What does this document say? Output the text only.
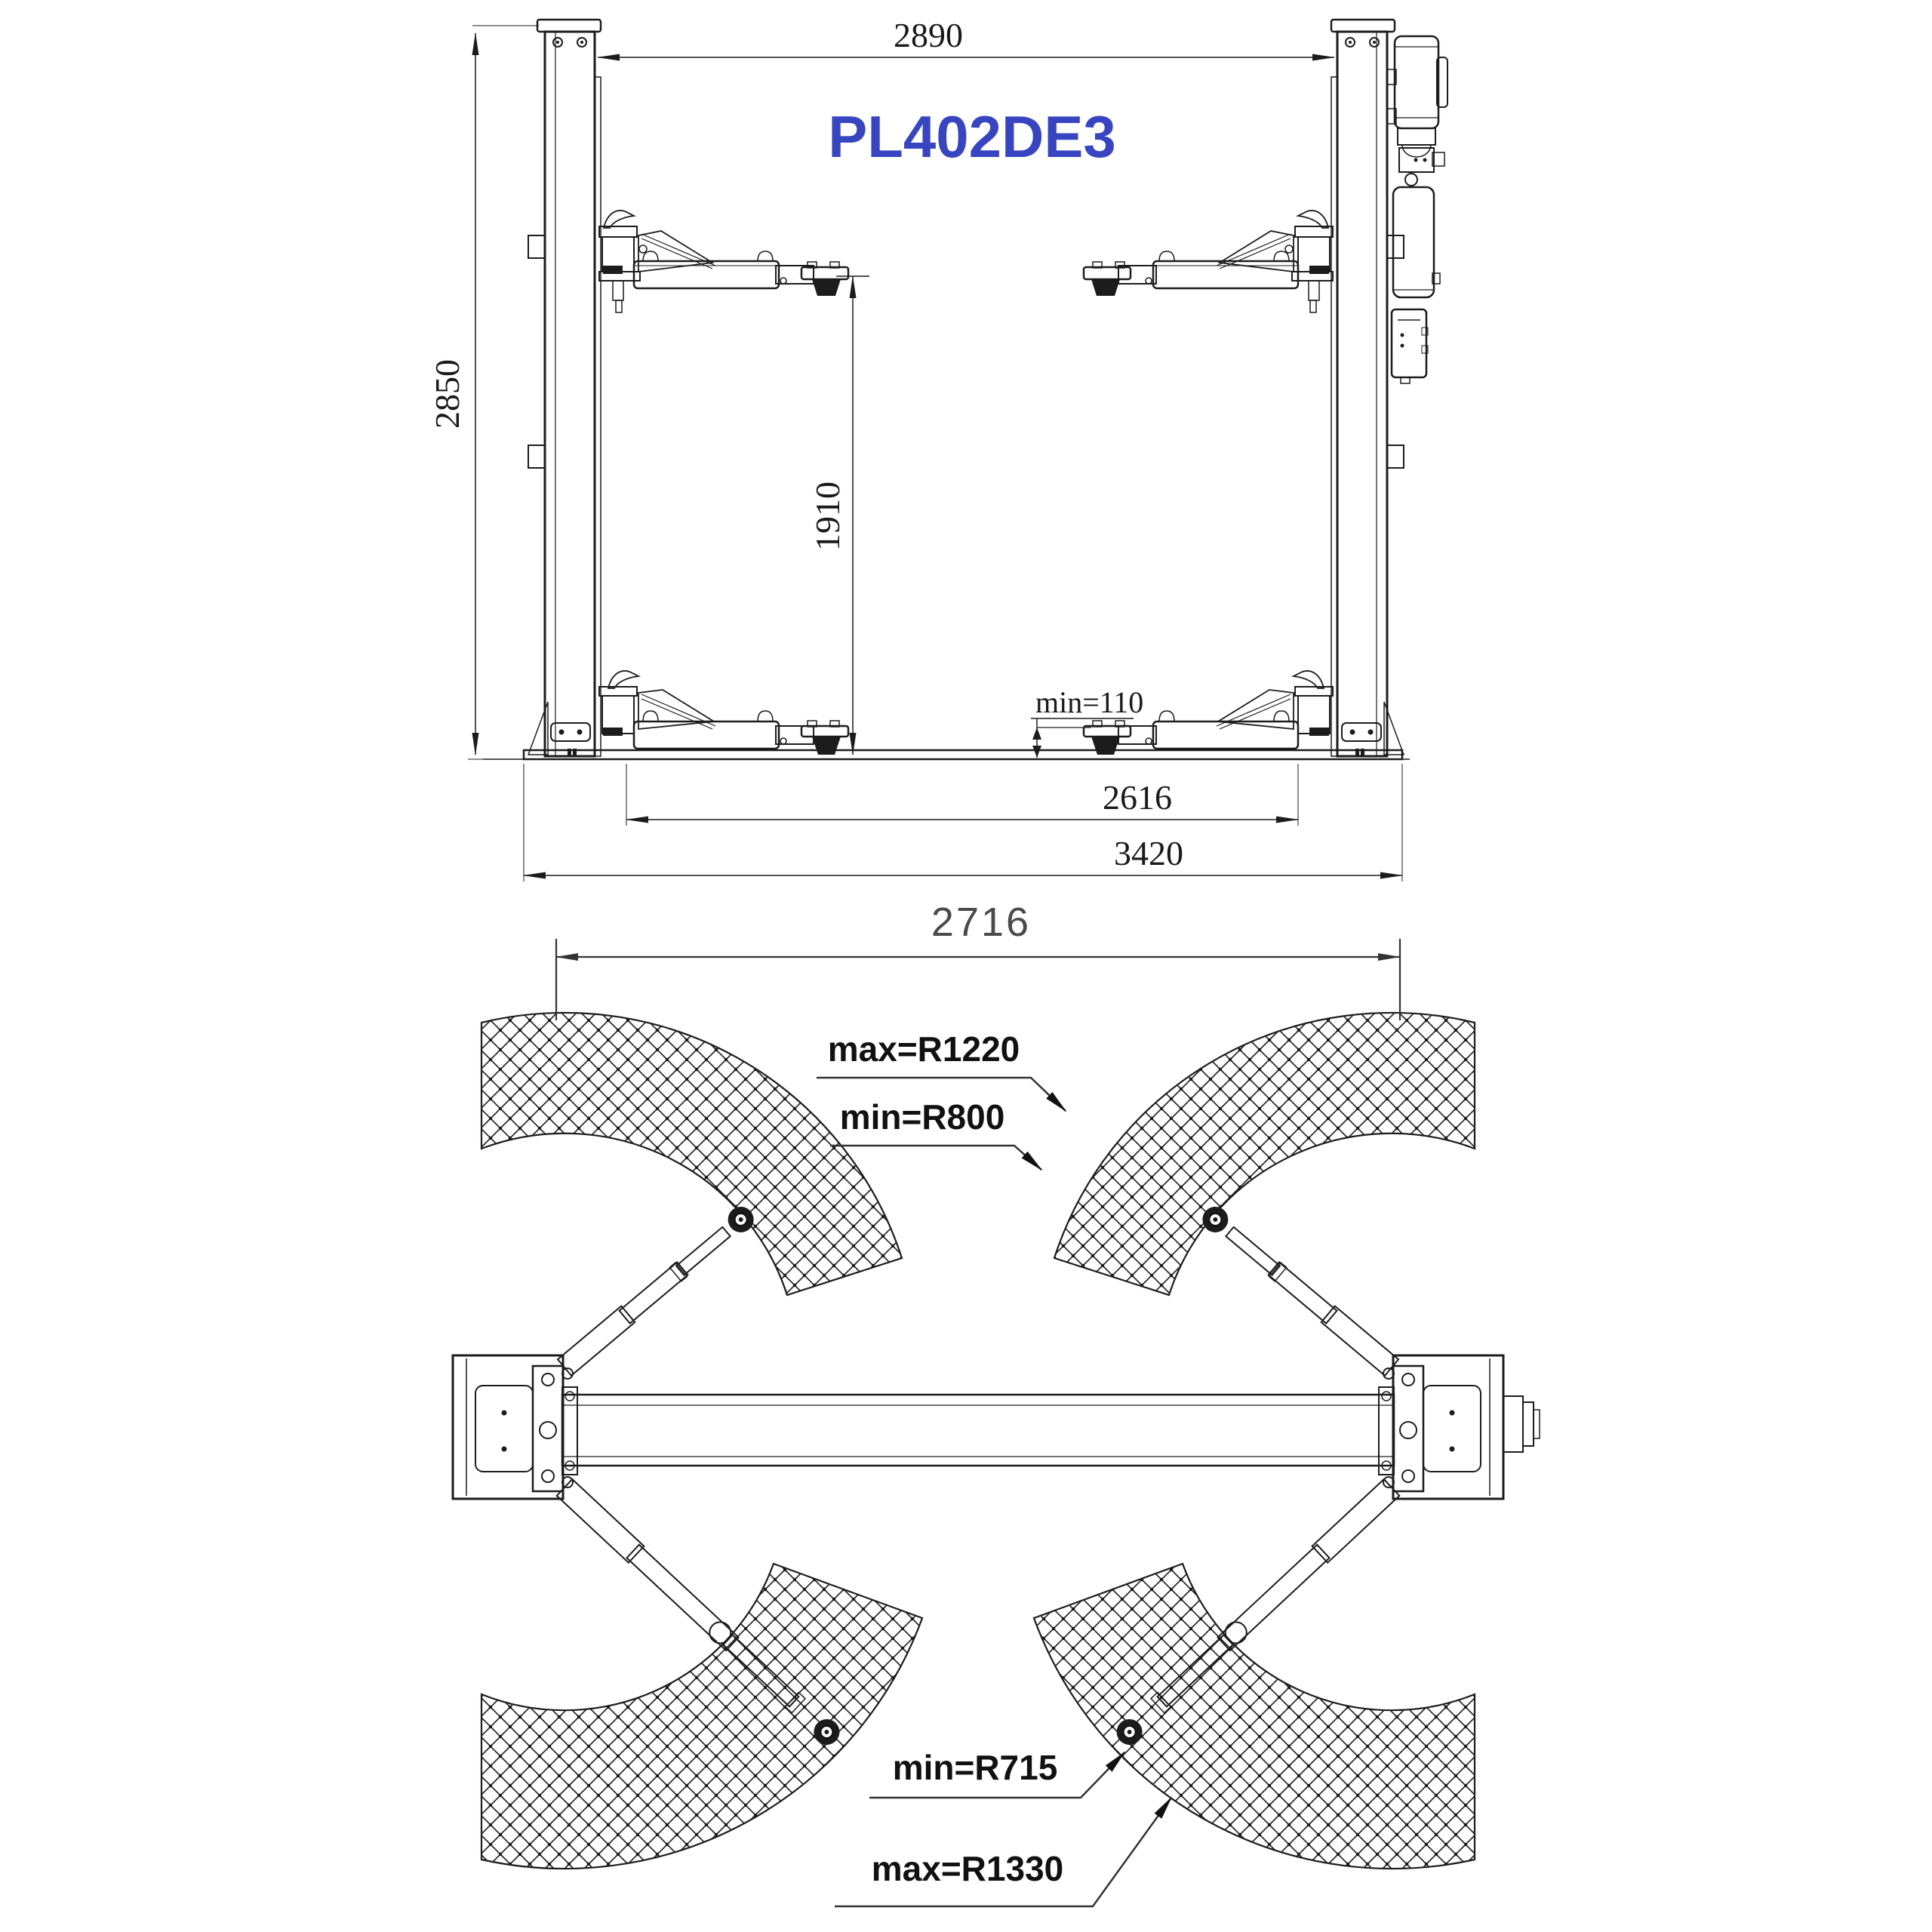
PL402DE3
2890
2850
1910
min=110
2616
3420
2716
max=R1220
min=R800
min=R715
max=R1330
